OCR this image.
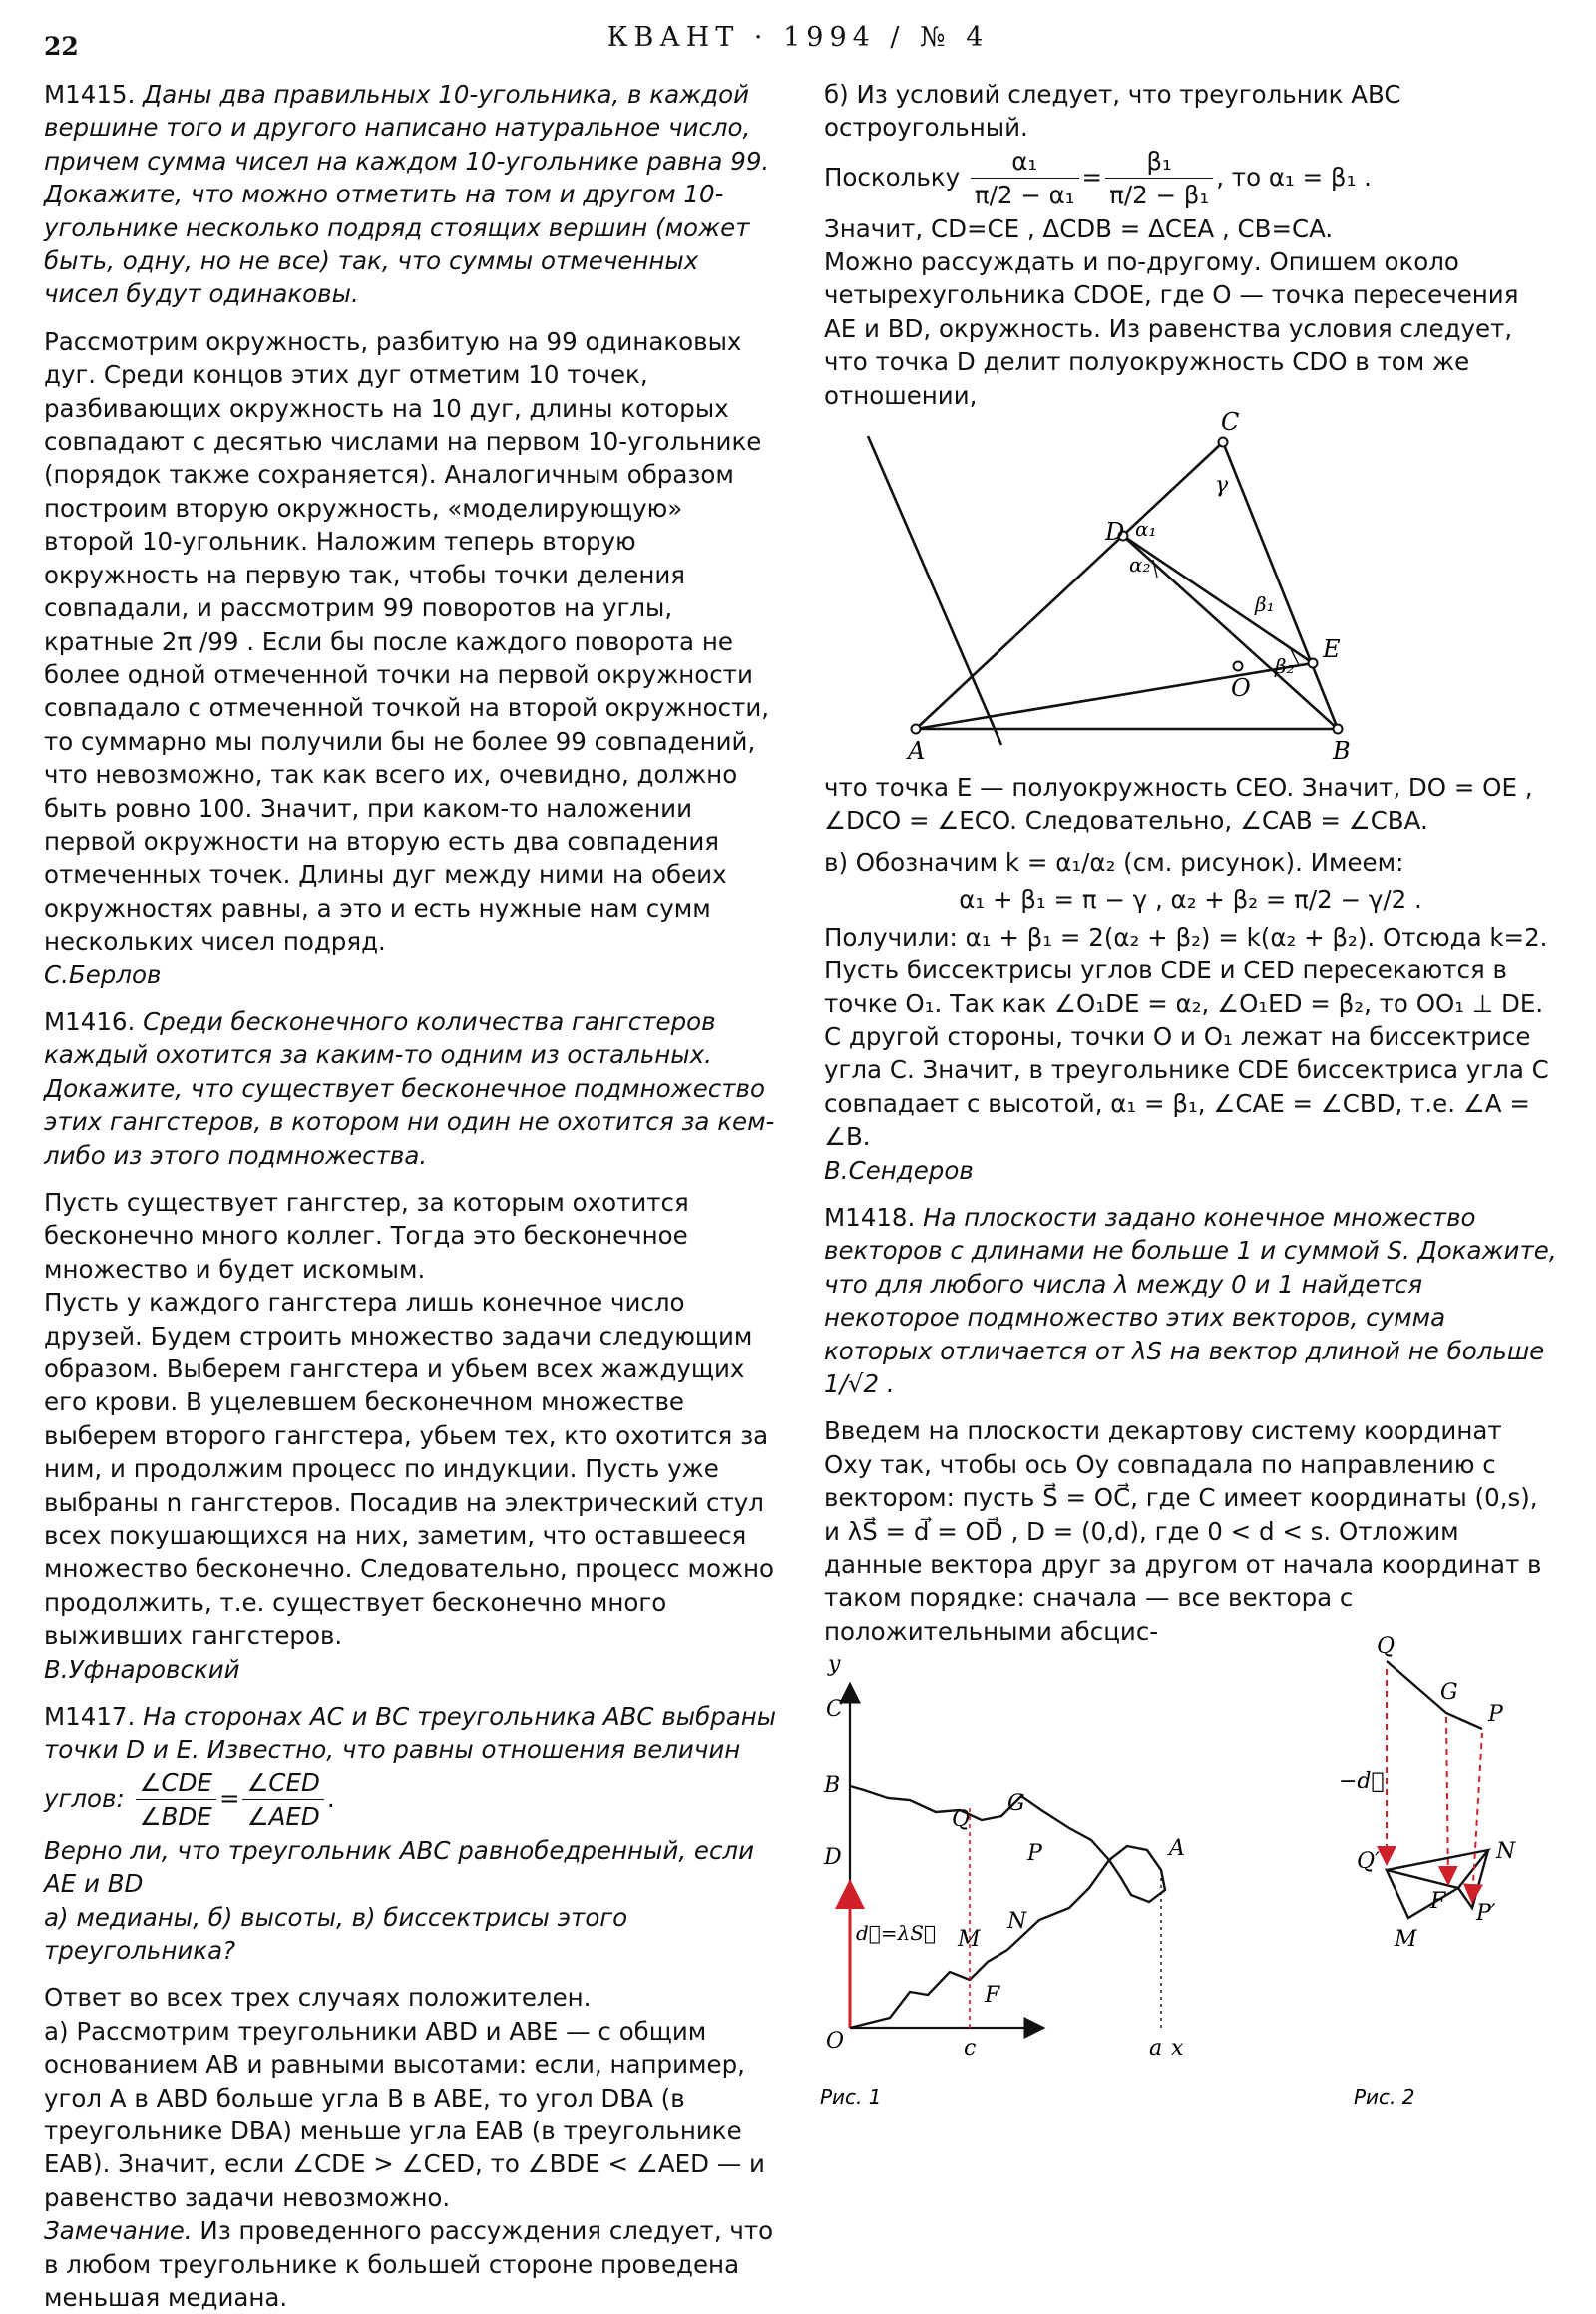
22	КВАНТ · 1994 / № 4

М1415. Даны два правильных 10-угольника, в каждой вершине того и другого написано натуральное число, причем сумма чисел на каждом 10-угольнике равна 99. Докажите, что можно отметить на том и другом 10-угольнике несколько подряд стоящих вершин (может быть, одну, но не все) так, что суммы отмеченных чисел будут одинаковы.

Рассмотрим окружность, разбитую на 99 одинаковых дуг. Среди концов этих дуг отметим 10 точек, разбивающих окружность на 10 дуг, длины которых совпадают с десятью числами на первом 10-угольнике (порядок также сохраняется). Аналогичным образом построим вторую окружность, «моделирующую» второй 10-угольник. Наложим теперь вторую окружность на первую так, чтобы точки деления совпадали, и рассмотрим 99 поворотов на углы, кратные 2π /99 . Если бы после каждого поворота не более одной отмеченной точки на первой окружности совпадало с отмеченной точкой на второй окружности, то суммарно мы получили бы не более 99 совпадений, что невозможно, так как всего их, очевидно, должно быть ровно 100. Значит, при каком-то наложении первой окружности на вторую есть два совпадения отмеченных точек. Длины дуг между ними на обеих окружностях равны, а это и есть нужные нам сумм нескольких чисел подряд.

С.Берлов

М1416. Среди бесконечного количества гангстеров каждый охотится за каким-то одним из остальных. Докажите, что существует бесконечное подмножество этих гангстеров, в котором ни один не охотится за кем-либо из этого подмножества.

Пусть существует гангстер, за которым охотится бесконечно много коллег. Тогда это бесконечное множество и будет искомым.

Пусть у каждого гангстера лишь конечное число друзей. Будем строить множество задачи следующим образом. Выберем гангстера и убьем всех жаждущих его крови. В уцелевшем бесконечном множестве выберем второго гангстера, убьем тех, кто охотится за ним, и продолжим процесс по индукции. Пусть уже выбраны n гангстеров. Посадив на электрический стул всех покушающихся на них, заметим, что оставшееся множество бесконечно. Следовательно, процесс можно продолжить, т.е. существует бесконечно много выживших гангстеров.

В.Уфнаровский

М1417. На сторонах AC и BC треугольника ABC выбраны точки D и E. Известно, что равны отношения величин углов: $\frac{\text{∠CDE}}{\text{∠BDE}} = \frac{\text{∠CED}}{\text{∠AED}}$ .

Верно ли, что треугольник ABC равнобедренный, если AE и BD

а) медианы, б) высоты, в) биссектрисы этого треугольника?

Ответ во всех трех случаях положителен.

а) Рассмотрим треугольники ABD и ABE — с общим основанием AB и равными высотами: если, например, угол A в ABD больше угла B в ABE, то угол DBA (в треугольнике DBA) меньше угла EAB (в треугольнике EAB). Значит, если ∠CDE > ∠CED, то ∠BDE < ∠AED — и равенство задачи невозможно.

Замечание. Из проведенного рассуждения следует, что в любом треугольнике к большей стороне проведена меньшая медиана.

б) Из условий следует, что треугольник ABC остроугольный.

Поскольку $\frac{\text{α₁}}{\text{π/2 − α₁}} = \frac{\text{β₁}}{\text{π/2 − β₁}}$ , то α₁ = β₁ .

Значит, CD=CE , ΔCDB = ΔCEA , CB=CA.

Можно рассуждать и по-другому. Опишем около четырехугольника CDOE, где O — точка пересечения AE и BD, окружность. Из равенства условия следует, что точка D делит полуокружность CDO в том же отношении,

C
D
E
O
A	B
γ
α₁
α₂
β₁
β₂

что точка E — полуокружность CEO. Значит, DO = OE , ∠DCO = ∠ECO. Следовательно, ∠CAB = ∠CBA.

в) Обозначим k = α₁/α₂ (см. рисунок). Имеем:

α₁ + β₁ = π − γ , α₂ + β₂ = π/2 − γ/2 .

Получили: α₁ + β₁ = 2(α₂ + β₂) = k(α₂ + β₂). Отсюда k=2. Пусть биссектрисы углов CDE и CED пересекаются в точке O₁. Так как ∠O₁DE = α₂, ∠O₁ED = β₂, то OO₁ ⊥ DE. С другой стороны, точки O и O₁ лежат на биссектрисе угла C. Значит, в треугольнике CDE биссектриса угла C совпадает с высотой, α₁ = β₁, ∠CAE = ∠CBD, т.е. ∠A = ∠B.

В.Сендеров

М1418. На плоскости задано конечное множество векторов с длинами не больше 1 и суммой S. Докажите, что для любого числа λ между 0 и 1 найдется некоторое подмножество этих векторов, сумма которых отличается от λS на вектор длиной не больше 1/√2 .

Введем на плоскости декартову систему координат Oxy так, чтобы ось Oy совпадала по направлению с вектором: пусть S⃗ = OC⃗, где C имеет координаты (0,s), и λS⃗ = d⃗ = OD⃗ , D = (0,d), где 0 < d < s. Отложим данные вектора друг за другом от начала координат в таком порядке: сначала — все вектора с положительными абсцис-

y
C
B
D
Q
G
P	A
M
N
F
O	c	a x
d⃗=λS⃗
Рис. 1
Q
G
P
−d⃗
Q′	N
F P′
M
Рис. 2
